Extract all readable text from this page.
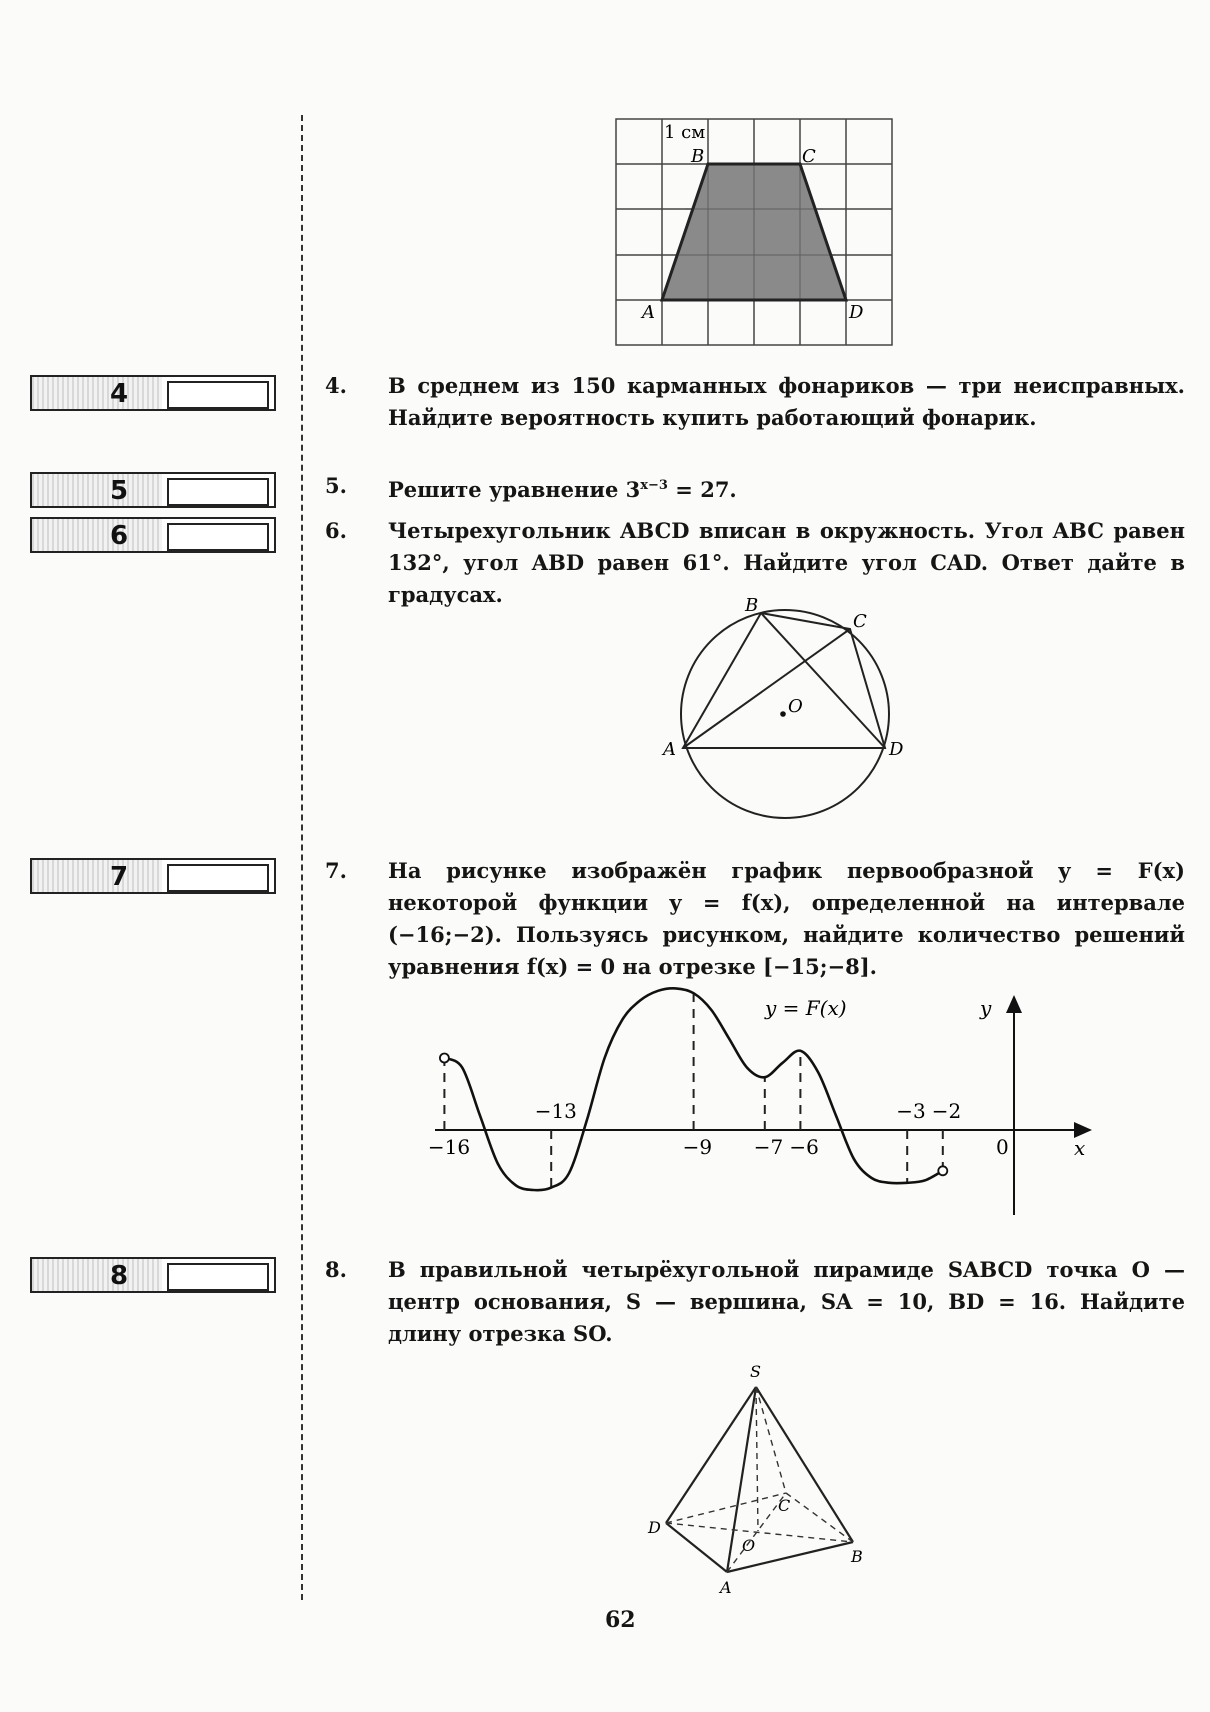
4
5
6
7
8
1 см
B	C
A	D
4. В среднем из 150 карманных фонариков — три неисправных. Найдите вероятность купить работающий фонарик.
5. Решите уравнение $3^{x-3} = 27$.
6. Четырехугольник ABCD вписан в окружность. Угол ABC равен 132°, угол ABD равен 61°. Найдите угол CAD. Ответ дайте в градусах.	B
C
A	D
O
7. На рисунке изображён график первообразной y = F(x) некоторой функции y = f(x), определенной на интервале (−16;−2). Пользуясь рисунком, найдите количество решений уравнения f(x) = 0 на отрезке [−15;−8].
−16
−13
−9 −7 −6
−3 −2
0
y = F(x)	y
x
8. В правильной четырёхугольной пирамиде SABCD точка O — центр основания, S — вершина, SA = 10, BD = 16. Найдите длину отрезка SO.
S
A
B
C
D
O
62
